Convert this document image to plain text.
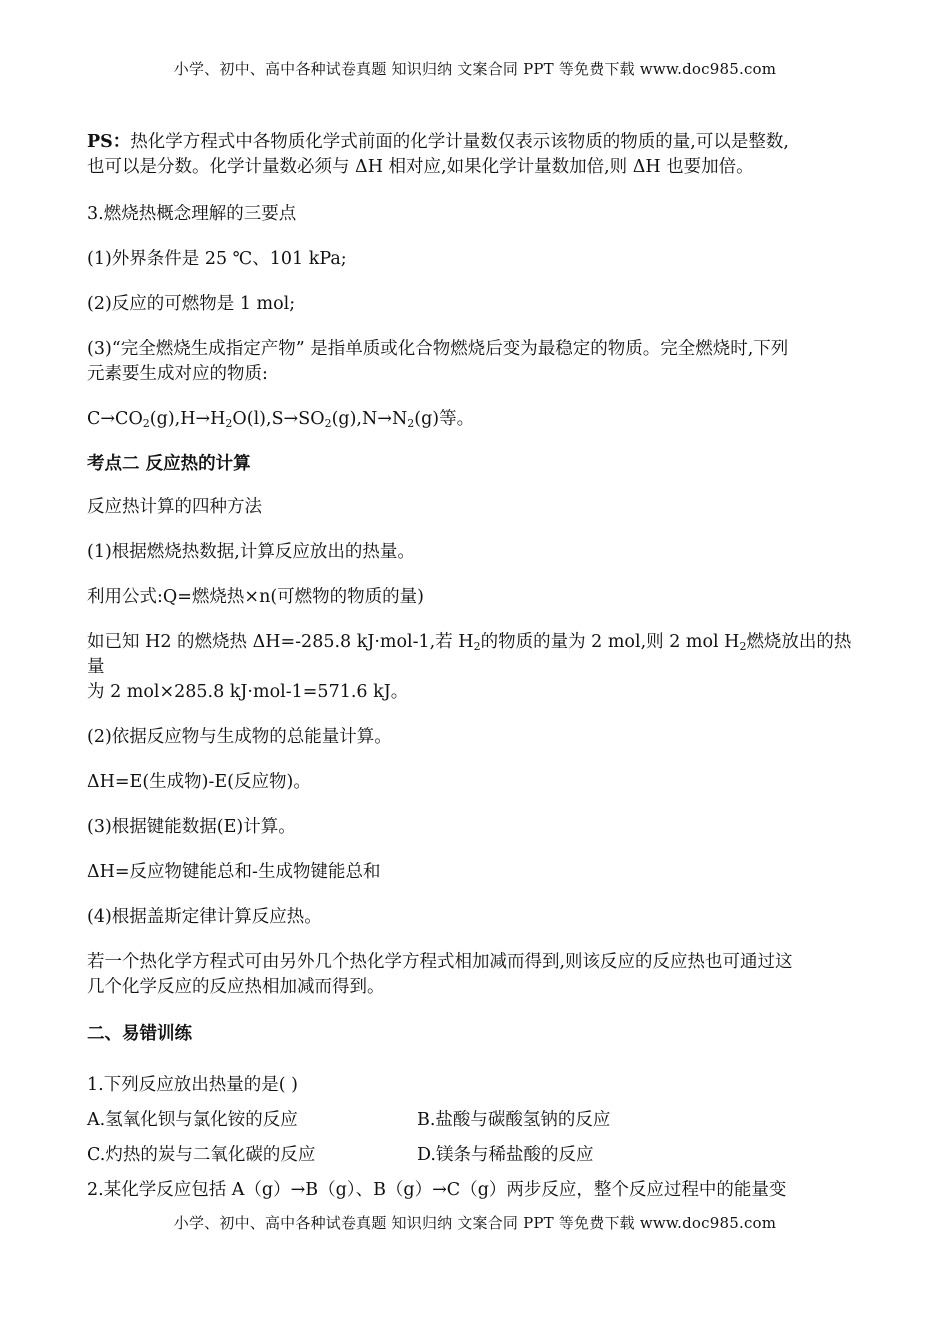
小学、初中、高中各种试卷真题 知识归纳 文案合同 PPT 等免费下载 www.doc985.com

PS：热化学方程式中各物质化学式前面的化学计量数仅表示该物质的物质的量,可以是整数,
也可以是分数。化学计量数必须与 ΔH 相对应,如果化学计量数加倍,则 ΔH 也要加倍。

3.燃烧热概念理解的三要点

(1)外界条件是 25 ℃、101 kPa;

(2)反应的可燃物是 1 mol;

(3)“完全燃烧生成指定产物” 是指单质或化合物燃烧后变为最稳定的物质。完全燃烧时,下列
元素要生成对应的物质:

$C\to CO_2(g),H\to H_2O(l),S\to SO_2(g),N\to N_2(g)$等。

考点二 反应热的计算

反应热计算的四种方法

(1)根据燃烧热数据,计算反应放出的热量。

利用公式:Q=燃烧热×n(可燃物的物质的量)

如已知 H2 的燃烧热 ΔH=-285.8 kJ·mol-1,若 $H_2$的物质的量为 2 mol,则 2 mol $H_2$燃烧放出的热量
为 2 mol×285.8 kJ·mol-1=571.6 kJ。

(2)依据反应物与生成物的总能量计算。

ΔH=E(生成物)-E(反应物)。

(3)根据键能数据(E)计算。

ΔH=反应物键能总和-生成物键能总和

(4)根据盖斯定律计算反应热。

若一个热化学方程式可由另外几个热化学方程式相加减而得到,则该反应的反应热也可通过这
几个化学反应的反应热相加减而得到。

二、易错训练

1.下列反应放出热量的是( )

A.氢氧化钡与氯化铵的反应	B.盐酸与碳酸氢钠的反应
C.灼热的炭与二氧化碳的反应	D.镁条与稀盐酸的反应

2.某化学反应包括 A（g）→B（g）、B（g）→C（g）两步反应，整个反应过程中的能量变

小学、初中、高中各种试卷真题 知识归纳 文案合同 PPT 等免费下载 www.doc985.com
